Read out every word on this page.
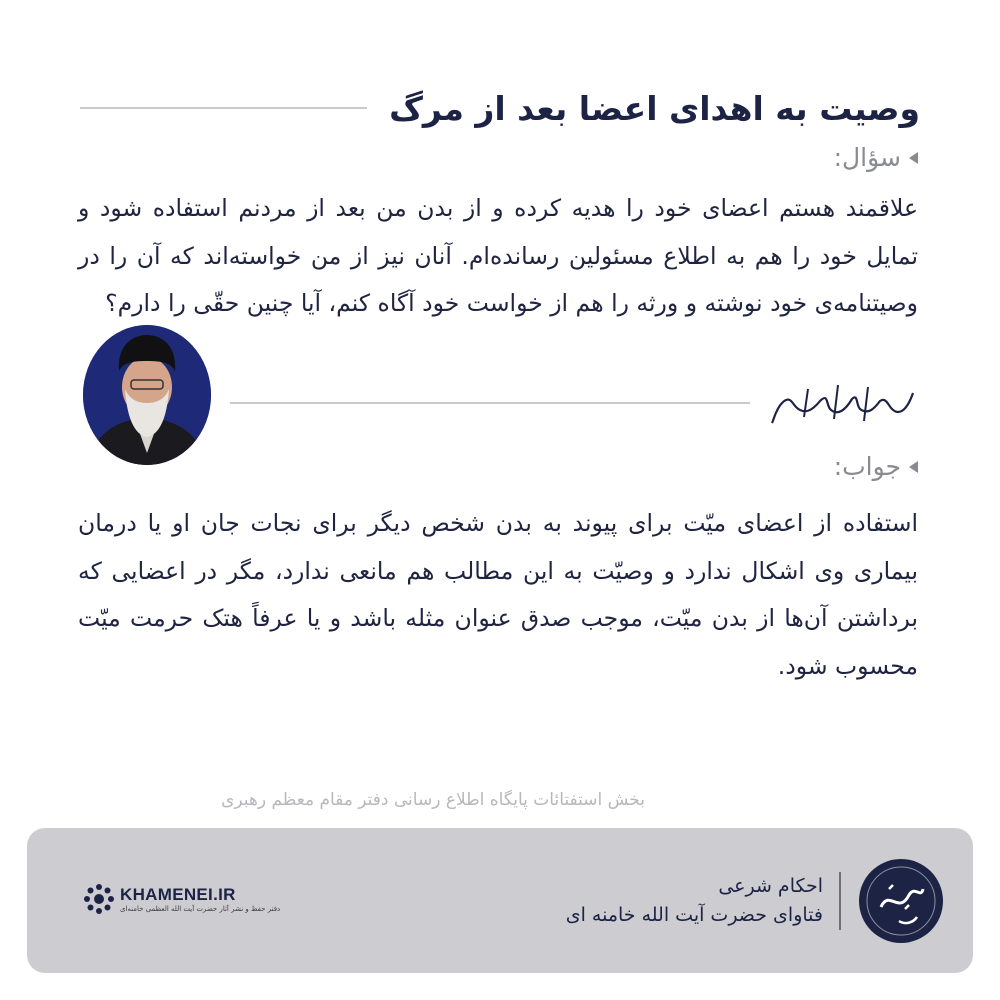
وصیت به اهدای اعضا بعد از مرگ
سؤال:
علاقمند هستم اعضای خود را هدیه کرده و از بدن من بعد از مردنم استفاده شود و تمایل خود را هم به اطلاع مسئولین رسانده‌ام. آنان نیز از من خواسته‌اند که آن را در وصیتنامه‌ی خود نوشته و ورثه را هم از خواست خود آگاه کنم، آیا چنین حقّی را دارم؟
جواب:
استفاده از اعضای میّت برای پیوند به بدن شخص دیگر برای نجات جان او یا درمان بیماری وی اشکال ندارد و وصیّت به این مطالب هم مانعی ندارد، مگر در اعضایی که برداشتن آن‌ها از بدن میّت، موجب صدق عنوان مثله باشد و یا عرفاً هتک حرمت میّت محسوب شود.
بخش استفتائات پایگاه اطلاع رسانی دفتر مقام معظم رهبری
احکام شرعی
فتاوای حضرت آیت الله خامنه ای
KHAMENEI.IR
دفتر حفظ و نشر آثار حضرت آیت الله العظمی خامنه‌ای
